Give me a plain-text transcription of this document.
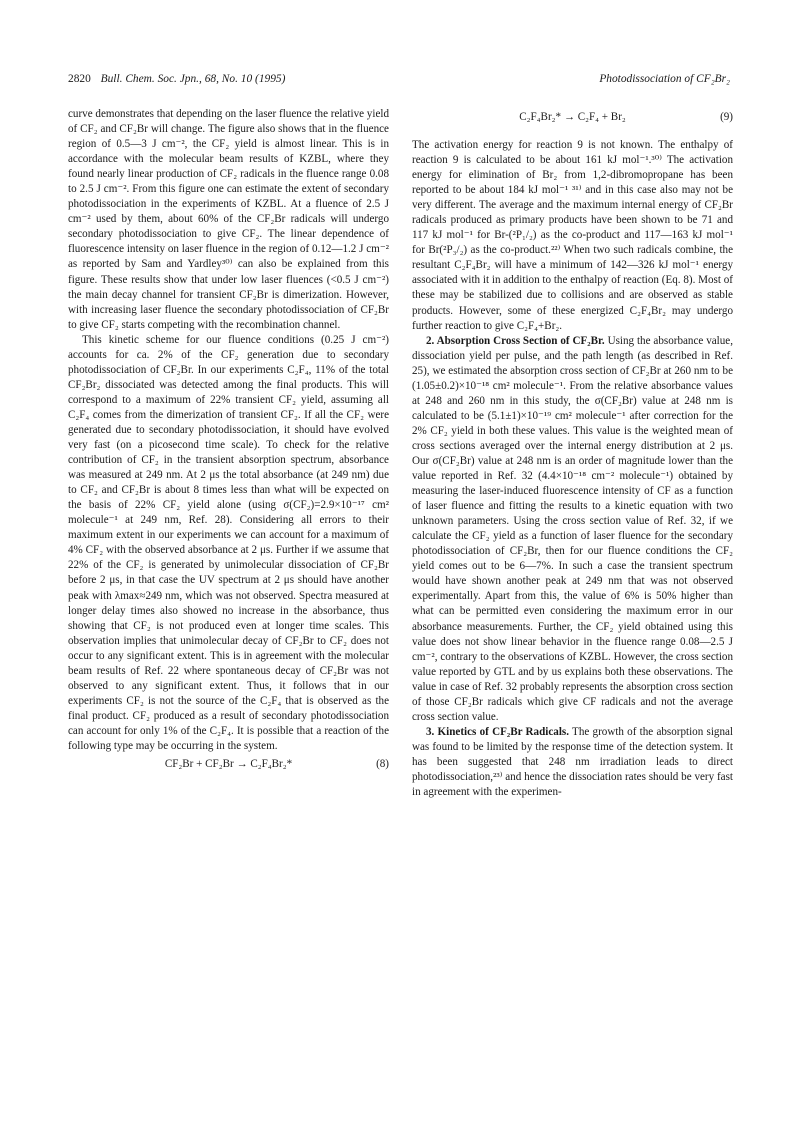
2820 Bull. Chem. Soc. Jpn., 68, No. 10 (1995)	Photodissociation of CF₂Br₂

curve demonstrates that depending on the laser fluence the relative yield of CF₂ and CF₂Br will change. The figure also shows that in the fluence region of 0.5—3 J cm⁻², the CF₂ yield is almost linear. This is in accordance with the molecular beam results of KZBL, where they found nearly linear production of CF₂ radicals in the fluence range 0.08 to 2.5 J cm⁻². From this figure one can estimate the extent of secondary photodissociation in the experiments of KZBL. At a fluence of 2.5 J cm⁻² used by them, about 60% of the CF₂Br radicals will undergo secondary photodissociation to give CF₂. The linear dependence of fluorescence intensity on laser fluence in the region of 0.12—1.2 J cm⁻² as reported by Sam and Yardley³⁰⁾ can also be explained from this figure. These results show that under low laser fluences (<0.5 J cm⁻²) the main decay channel for transient CF₂Br is dimerization. However, with increasing laser fluence the secondary photodissociation of CF₂Br to give CF₂ starts competing with the recombination channel.

This kinetic scheme for our fluence conditions (0.25 J cm⁻²) accounts for ca. 2% of the CF₂ generation due to secondary photodissociation of CF₂Br. In our experiments C₂F₄, 11% of the total CF₂Br₂ dissociated was detected among the final products. This will correspond to a maximum of 22% transient CF₂ yield, assuming all C₂F₄ comes from the dimerization of transient CF₂. If all the CF₂ were generated due to secondary photodissociation, it should have evolved very fast (on a picosecond time scale). To check for the relative contribution of CF₂ in the transient absorption spectrum, absorbance was measured at 249 nm. At 2 μs the total absorbance (at 249 nm) due to CF₂ and CF₂Br is about 8 times less than what will be expected on the basis of 22% CF₂ yield alone (using σ(CF₂)=2.9×10⁻¹⁷ cm² molecule⁻¹ at 249 nm, Ref. 28). Considering all errors to their maximum extent in our experiments we can account for a maximum of 4% CF₂ with the observed absorbance at 2 μs. Further if we assume that 22% of the CF₂ is generated by unimolecular dissociation of CF₂Br before 2 μs, in that case the UV spectrum at 2 μs should have another peak with λmax≈249 nm, which was not observed. Spectra measured at longer delay times also showed no increase in the absorbance, thus showing that CF₂ is not produced even at longer time scales. This observation implies that unimolecular decay of CF₂Br to CF₂ does not occur to any significant extent. This is in agreement with the molecular beam results of Ref. 22 where spontaneous decay of CF₂Br was not observed to any significant extent. Thus, it follows that in our experiments CF₂ is not the source of the C₂F₄ that is observed as the final product. CF₂ produced as a result of secondary photodissociation can account for only 1% of the C₂F₄. It is possible that a reaction of the following type may be occurring in the system.

CF₂Br + CF₂Br → C₂F₄Br₂*	(8)
C₂F₄Br₂* → C₂F₄ + Br₂	(9)

The activation energy for reaction 9 is not known. The enthalpy of reaction 9 is calculated to be about 161 kJ mol⁻¹.³⁰⁾ The activation energy for elimination of Br₂ from 1,2-dibromopropane has been reported to be about 184 kJ mol⁻¹ ³¹⁾ and in this case also may not be very different. The average and the maximum internal energy of CF₂Br radicals produced as primary products have been shown to be 71 and 117 kJ mol⁻¹ for Br-(²P₁/₂) as the co-product and 117—163 kJ mol⁻¹ for Br(²P₃/₂) as the co-product.²²⁾ When two such radicals combine, the resultant C₂F₄Br₂ will have a minimum of 142—326 kJ mol⁻¹ energy associated with it in addition to the enthalpy of reaction (Eq. 8). Most of these may be stabilized due to collisions and are observed as stable products. However, some of these energized C₂F₄Br₂ may undergo further reaction to give C₂F₄+Br₂.

2. Absorption Cross Section of CF₂Br. Using the absorbance value, dissociation yield per pulse, and the path length (as described in Ref. 25), we estimated the absorption cross section of CF₂Br at 260 nm to be (1.05±0.2)×10⁻¹⁸ cm² molecule⁻¹. From the relative absorbance values at 248 and 260 nm in this study, the σ(CF₂Br) value at 248 nm is calculated to be (5.1±1)×10⁻¹⁹ cm² molecule⁻¹ after correction for the 2% CF₂ yield in both these values. This value is the weighted mean of cross sections averaged over the internal energy distribution at 2 μs. Our σ(CF₂Br) value at 248 nm is an order of magnitude lower than the value reported in Ref. 32 (4.4×10⁻¹⁸ cm⁻² molecule⁻¹) obtained by measuring the laser-induced fluorescence intensity of CF as a function of laser fluence and fitting the results to a kinetic equation with two unknown parameters. Using the cross section value of Ref. 32, if we calculate the CF₂ yield as a function of laser fluence for the secondary photodissociation of CF₂Br, then for our fluence conditions the CF₂ yield comes out to be 6—7%. In such a case the transient spectrum would have shown another peak at 249 nm that was not observed experimentally. Apart from this, the value of 6% is 50% higher than what can be permitted even considering the maximum error in our absorbance measurements. Further, the CF₂ yield obtained using this value does not show linear behavior in the fluence range 0.08—2.5 J cm⁻², contrary to the observations of KZBL. However, the cross section value reported by GTL and by us explains both these observations. The value in case of Ref. 32 probably represents the absorption cross section of those CF₂Br radicals which give CF radicals and not the average cross section value.

3. Kinetics of CF₂Br Radicals. The growth of the absorption signal was found to be limited by the response time of the detection system. It has been suggested that 248 nm irradiation leads to direct photodissociation,²³⁾ and hence the dissociation rates should be very fast in agreement with the experimen-
